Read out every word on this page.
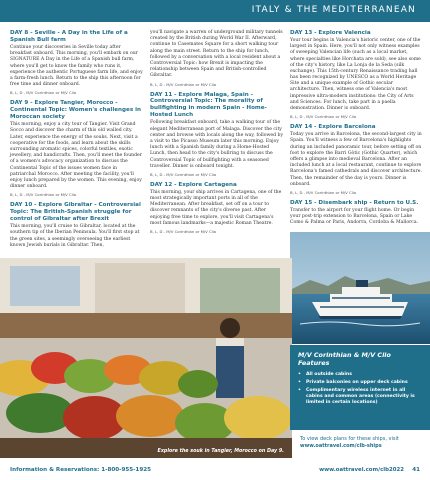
ITALY & THE MEDITERRANEAN
DAY 8 - Seville - A Day in the Life of a Spanish Bull farm

Continue your discoveries in Seville today after breakfast onboard. This morning, you'll embark on our SIGNATURE A Day in the Life of a Spanish bull farm, where you'll get to know the family who runs it, experience the authentic Portuguese farm life, and enjoy a farm-fresh lunch. Return to the ship this afternoon for free time and dinner onboard.

B, L, D - M/V Corinthian or M/V Clio
DAY 9 - Explore Tangier, Morocco - Continental Topic: Women's challenges in Moroccan society

This morning, enjoy a city tour of Tangier. Visit Grand Socco and discover the charm of this old walled city. Later, experience the energy of the souks. Next, visit a cooperative for the foods, and learn about the skills surrounding aromatic spices, colorful textiles, exotic jewellery, and handicrafts. Then, you'll meet the founder of a women's advocacy organization to discuss the Continental Topic of the issues women face in patriarchal Morocco. After meeting the facility, you'll enjoy lunch prepared by the women. This evening, enjoy dinner onboard.

B, L, D - M/V Corinthian or M/V Clio
DAY 10 - Explore Gibraltar - Controversial Topic: The British-Spanish struggle for control of Gibraltar after Brexit

This morning, you'll cruise to Gibraltar, located at the southern tip of the Iberian Peninsula. You'll first stop at the green sites, a seemingly overseeing the earliest known Jewish burials in Gibraltar. Then,

you'll navigate a warren of underground military tunnels created by the British during World War II. Afterward, continue to Casemates Square for a short walking tour along the main street. Return to the ship for lunch, followed by a conversation with a local resident about a Controversial Topic: how Brexit is impacting the relationship between Spain and British-controlled Gibraltar.

B, L, D - M/V Corinthian or M/V Clio
DAY 11 - Explore Malaga, Spain - Controversial Topic: The morality of bullfighting in modern Spain - Home-Hosted Lunch

Following breakfast onboard, take a walking tour of the elegant Mediterranean port of Malaga. Discover the city center and browse with locals along the way, followed by a visit to the Picasso Museum later this morning. Enjoy lunch with a Spanish family during a Home-Hosted Lunch, then head to the city's bullring to discuss the Controversial Topic of bullfighting with a seasoned traveller. Dinner is onboard tonight.

B, L, D - M/V Corinthian or M/V Clio
DAY 12 - Explore Cartagena

This morning, your ship arrives in Cartagena, one of the most strategically important ports in all of the Mediterranean. After breakfast, set off on a tour to discover remnants of the city's diverse past. After enjoying free time to explore, you'll visit Cartagena's most famous landmarks—a majestic Roman Theatre.

B, L, D - M/V Corinthian or M/V Clio
DAY 13 - Explore Valencia

Your tour begins in Valencia's historic center, one of the largest in Spain. Here, you'll not only witness examples of sweeping Valencian life (such as a local market, where specialties like Horchata are sold), see also some of the city's history, like La Lonja de la Seda (silk exchange). This 15th-century Renaissance trading hall has been recognized by UNESCO as a World Heritage Site and a unique example of Gothic secular architecture. Then, witness one of Valencia's most impressive ultra-modern institutions: the City of Arts and Sciences. For lunch, take part in a paella demonstration. Dinner is onboard.

B, L, D - M/V Corinthian or M/V Clio
DAY 14 - Explore Barcelona

Today you arrive in Barcelona, the second-largest city in Spain. You'll witness a few of Barcelona's highlights during an included panoramic tour, before setting off on foot to explore the Barri Gòtic (Gothic Quarter), which offers a glimpse into medieval Barcelona. After an included lunch at a local restaurant, continue to explore Barcelona's famed cathedrals and discover architecture. Then, the remainder of the day is yours. Dinner is onboard.

B, L, D - M/V Corinthian or M/V Clio
DAY 15 - Disembark ship - Return to U.S.

Transfer to the airport for your flight home. Or begin your post-trip extension to Barcelona, Spain or Lake Como & Palma or Paris, Andorra, Cordoba & Mallorca.

Explore the souk in Tangier, Morocco on Day 9.
M/V Corinthian & M/V Clio Features
•	All outside cabins
•	Private balconies on upper deck cabins
•	Complimentary wireless internet in all cabins and common areas (connectivity is limited in certain locations)
To view deck plans for these ships, visit
www.oattravel.com/clb-ships
Information & Reservations: 1-800-955-1925	www.oattravel.com/clb2022 41
